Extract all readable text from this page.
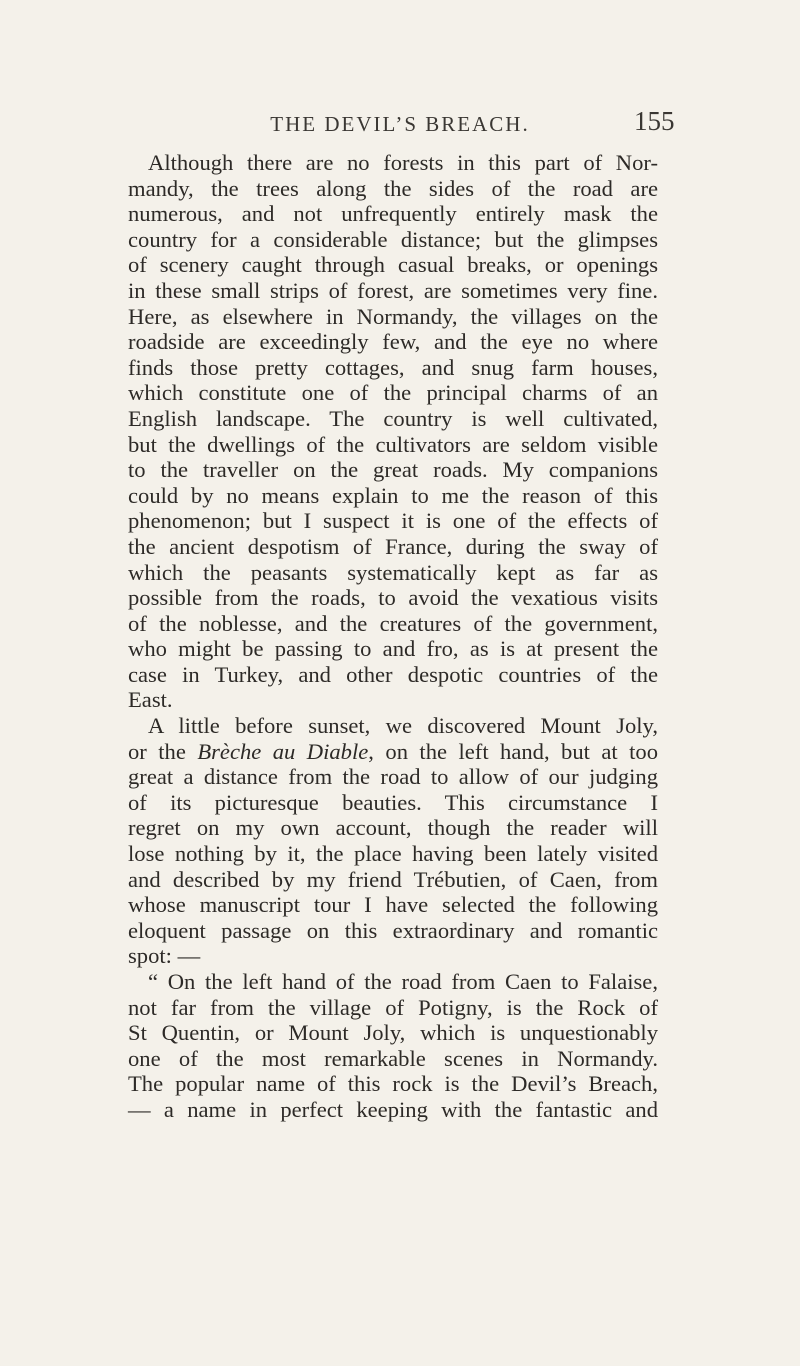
THE DEVIL’S BREACH.	155
Although there are no forests in this part of Nor-
mandy, the trees along the sides of the road are
numerous, and not unfrequently entirely mask the
country for a considerable distance; but the glimpses
of scenery caught through casual breaks, or openings
in these small strips of forest, are sometimes very fine.
Here, as elsewhere in Normandy, the villages on the
roadside are exceedingly few, and the eye no where
finds those pretty cottages, and snug farm houses,
which constitute one of the principal charms of an
English landscape. The country is well cultivated,
but the dwellings of the cultivators are seldom visible
to the traveller on the great roads. My companions
could by no means explain to me the reason of this
phenomenon; but I suspect it is one of the effects of
the ancient despotism of France, during the sway of
which the peasants systematically kept as far as
possible from the roads, to avoid the vexatious visits
of the noblesse, and the creatures of the government,
who might be passing to and fro, as is at present the
case in Turkey, and other despotic countries of the
East.
A little before sunset, we discovered Mount Joly,
or the Brèche au Diable, on the left hand, but at too
great a distance from the road to allow of our judging
of its picturesque beauties. This circumstance I
regret on my own account, though the reader will
lose nothing by it, the place having been lately visited
and described by my friend Trébutien, of Caen, from
whose manuscript tour I have selected the following
eloquent passage on this extraordinary and romantic
spot: —
“ On the left hand of the road from Caen to Falaise,
not far from the village of Potigny, is the Rock of
St Quentin, or Mount Joly, which is unquestionably
one of the most remarkable scenes in Normandy.
The popular name of this rock is the Devil’s Breach,
— a name in perfect keeping with the fantastic and
